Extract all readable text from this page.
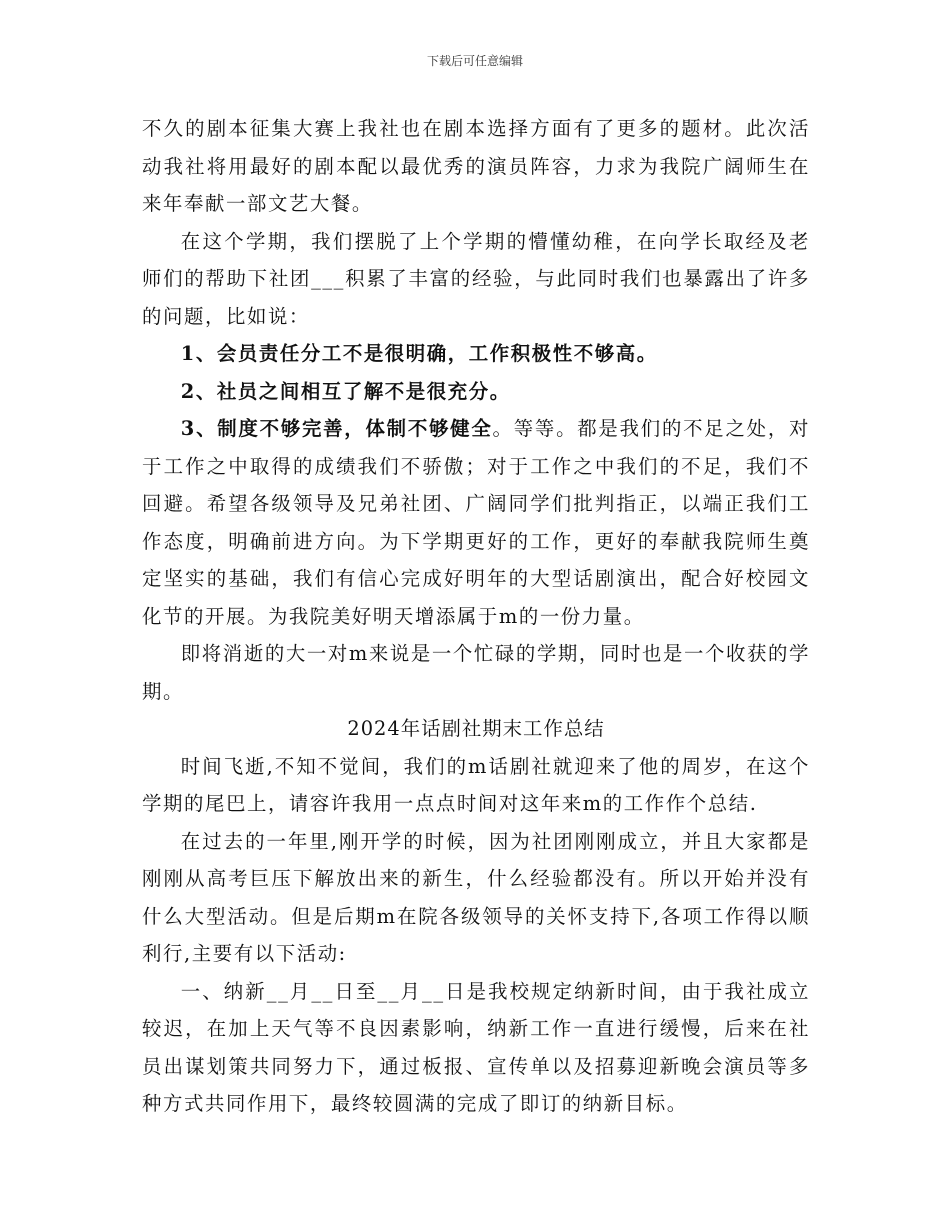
下载后可任意编辑

不久的剧本征集大赛上我社也在剧本选择方面有了更多的题材。此次活动我社将用最好的剧本配以最优秀的演员阵容，力求为我院广阔师生在来年奉献一部文艺大餐。

在这个学期，我们摆脱了上个学期的懵懂幼稚，在向学长取经及老师们的帮助下社团___积累了丰富的经验，与此同时我们也暴露出了许多的问题，比如说：

1、会员责任分工不是很明确，工作积极性不够高。

2、社员之间相互了解不是很充分。

3、制度不够完善，体制不够健全。等等。都是我们的不足之处，对于工作之中取得的成绩我们不骄傲；对于工作之中我们的不足，我们不回避。希望各级领导及兄弟社团、广阔同学们批判指正，以端正我们工作态度，明确前进方向。为下学期更好的工作，更好的奉献我院师生奠定坚实的基础，我们有信心完成好明年的大型话剧演出，配合好校园文化节的开展。为我院美好明天增添属于m的一份力量。

即将消逝的大一对m来说是一个忙碌的学期，同时也是一个收获的学期。

2024年话剧社期末工作总结

时间飞逝,不知不觉间，我们的m话剧社就迎来了他的周岁，在这个学期的尾巴上，请容许我用一点点时间对这年来m的工作作个总结.

在过去的一年里,刚开学的时候，因为社团刚刚成立，并且大家都是刚刚从高考巨压下解放出来的新生，什么经验都没有。所以开始并没有什么大型活动。但是后期m在院各级领导的关怀支持下,各项工作得以顺利行,主要有以下活动:

一、纳新__月__日至__月__日是我校规定纳新时间，由于我社成立较迟，在加上天气等不良因素影响，纳新工作一直进行缓慢，后来在社员出谋划策共同努力下，通过板报、宣传单以及招募迎新晚会演员等多种方式共同作用下，最终较圆满的完成了即订的纳新目标。
